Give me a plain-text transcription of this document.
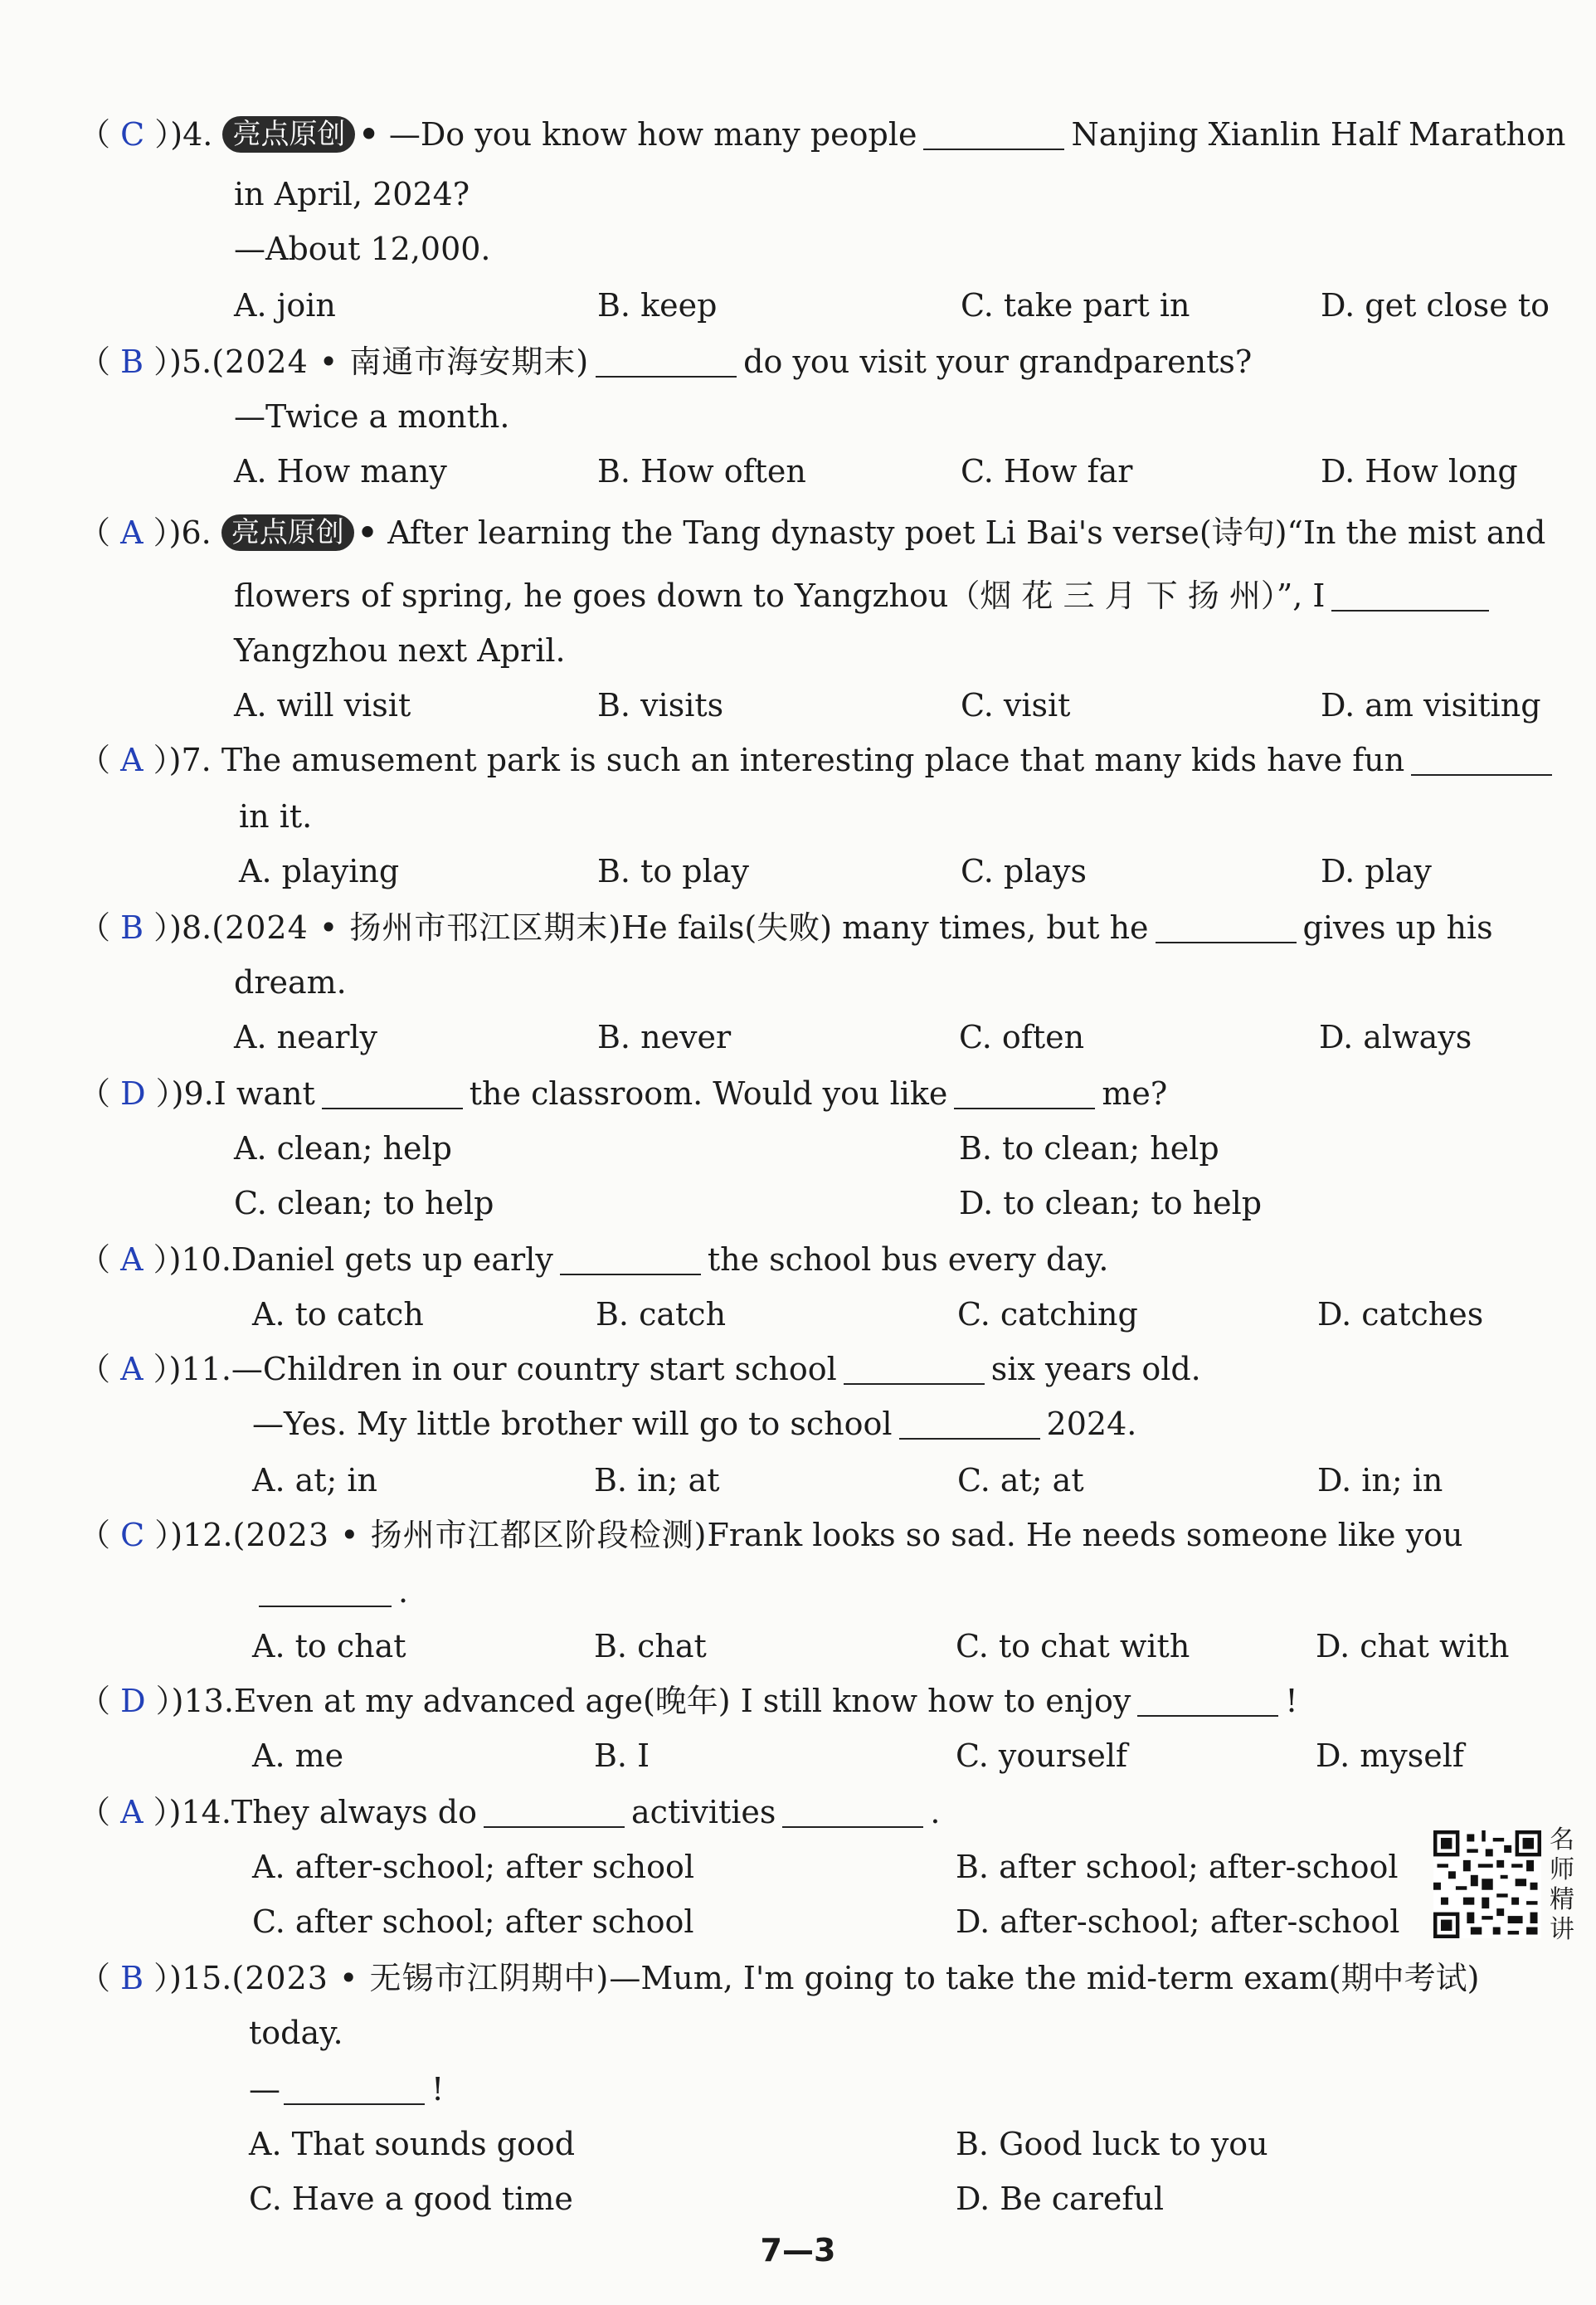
（ C ）)4. 亮点原创 • —Do you know how many people	Nanjing Xianlin Half Marathon
in April, 2024?
—About 12,000.
A. join	B. keep	C. take part in	D. get close to
（ B ）)5.(2024 • 南通市海安期末)	do you visit your grandparents?
—Twice a month.
A. How many	B. How often	C. How far	D. How long
（ A ）)6. 亮点原创 • After learning the Tang dynasty poet Li Bai's verse(诗句)“In the mist and
flowers of spring, he goes down to Yangzhou（烟 花 三 月 下 扬 州）”, I
Yangzhou next April.
A. will visit	B. visits	C. visit	D. am visiting
（ A ）)7. The amusement park is such an interesting place that many kids have fun
in it.
A. playing	B. to play	C. plays	D. play
（ B ）)8.(2024 • 扬州市邗江区期末)He fails(失败) many times, but he	gives up his
dream.
A. nearly	B. never	C. often	D. always
（ D ）)9.I want	the classroom. Would you like	me?
A. clean; help	B. to clean; help
C. clean; to help	D. to clean; to help
（ A ）)10.Daniel gets up early	the school bus every day.
A. to catch	B. catch	C. catching	D. catches
（ A ）)11.—Children in our country start school	six years old.
—Yes. My little brother will go to school	2024.
A. at; in	B. in; at	C. at; at	D. in; in
（ C ）)12.(2023 • 扬州市江都区阶段检测)Frank looks so sad. He needs someone like you
.
A. to chat	B. chat	C. to chat with	D. chat with
（ D ）)13.Even at my advanced age(晚年) I still know how to enjoy	!
A. me	B. I	C. yourself	D. myself
（ A ）)14.They always do	activities	.
A. after-school; after school	B. after school; after-school
C. after school; after school	D. after-school; after-school
名师精讲
（ B ）)15.(2023 • 无锡市江阴期中)—Mum, I'm going to take the mid-term exam(期中考试)
today.
—	!
A. That sounds good	B. Good luck to you
C. Have a good time	D. Be careful
7—3
